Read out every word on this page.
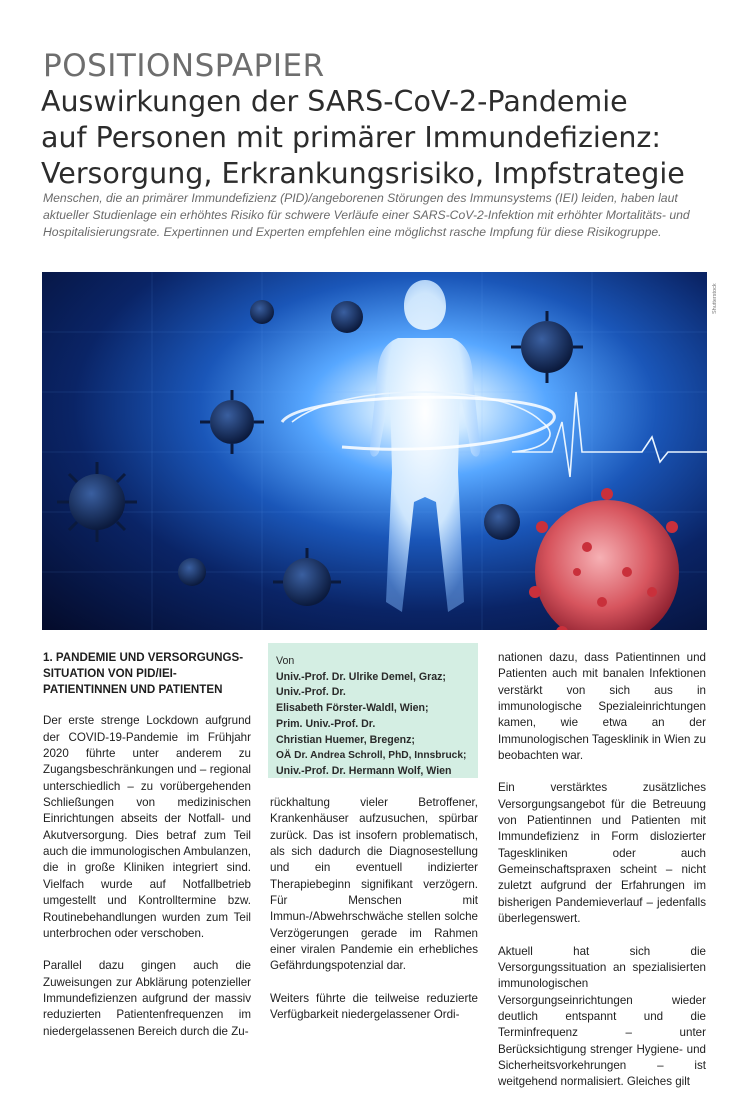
POSITIONSPAPIER
Auswirkungen der SARS-CoV-2-Pandemie
auf Personen mit primärer Immundefizienz:
Versorgung, Erkrankungsrisiko, Impfstrategie

Menschen, die an primärer Immundefizienz (PID)/angeborenen Störungen des Immunsystems (IEI) leiden, haben laut aktueller Studienlage ein erhöhtes Risiko für schwere Verläufe einer SARS-CoV-2-Infektion mit erhöhter Mortalitäts- und Hospitalisierungsrate. Expertinnen und Experten empfehlen eine möglichst rasche Impfung für diese Risikogruppe.

Shutterstock

1. PANDEMIE UND VERSORGUNGS-SITUATION VON PID/IEI-PATIENTINNEN UND PATIENTEN

Der erste strenge Lockdown aufgrund der COVID-19-Pandemie im Frühjahr 2020 führte unter anderem zu Zugangsbeschränkungen und – regional unterschiedlich – zu vorübergehenden Schließungen von medizinischen Einrichtungen abseits der Notfall- und Akutversorgung. Dies betraf zum Teil auch die immunologischen Ambulanzen, die in große Kliniken integriert sind. Vielfach wurde auf Notfallbetrieb umgestellt und Kontrolltermine bzw. Routinebehandlungen wurden zum Teil unterbrochen oder verschoben.

Parallel dazu gingen auch die Zuweisungen zur Abklärung potenzieller Immundefizienzen aufgrund der massiv reduzierten Patientenfrequenzen im niedergelassenen Bereich durch die Zu-

Von
Univ.-Prof. Dr. Ulrike Demel, Graz;
Univ.-Prof. Dr.
Elisabeth Förster-Waldl, Wien;
Prim. Univ.-Prof. Dr.
Christian Huemer, Bregenz;
OÄ Dr. Andrea Schroll, PhD, Innsbruck;
Univ.-Prof. Dr. Hermann Wolf, Wien

rückhaltung vieler Betroffener, Krankenhäuser aufzusuchen, spürbar zurück. Das ist insofern problematisch, als sich dadurch die Diagnosestellung und ein eventuell indizierter Therapiebeginn signifikant verzögern. Für Menschen mit Immun-/Abwehrschwäche stellen solche Verzögerungen gerade im Rahmen einer viralen Pandemie ein erhebliches Gefährdungspotenzial dar.

Weiters führte die teilweise reduzierte Verfügbarkeit niedergelassener Ordi-

nationen dazu, dass Patientinnen und Patienten auch mit banalen Infektionen verstärkt von sich aus in immunologische Spezialeinrichtungen kamen, wie etwa an der Immunologischen Tagesklinik in Wien zu beobachten war.

Ein verstärktes zusätzliches Versorgungsangebot für die Betreuung von Patientinnen und Patienten mit Immundefizienz in Form dislozierter Tageskliniken oder auch Gemeinschaftspraxen scheint – nicht zuletzt aufgrund der Erfahrungen im bisherigen Pandemieverlauf – jedenfalls überlegenswert.

Aktuell hat sich die Versorgungssituation an spezialisierten immunologischen Versorgungseinrichtungen wieder deutlich entspannt und die Terminfrequenz – unter Berücksichtigung strenger Hygiene- und Sicherheitsvorkehrungen – ist weitgehend normalisiert. Gleiches gilt
